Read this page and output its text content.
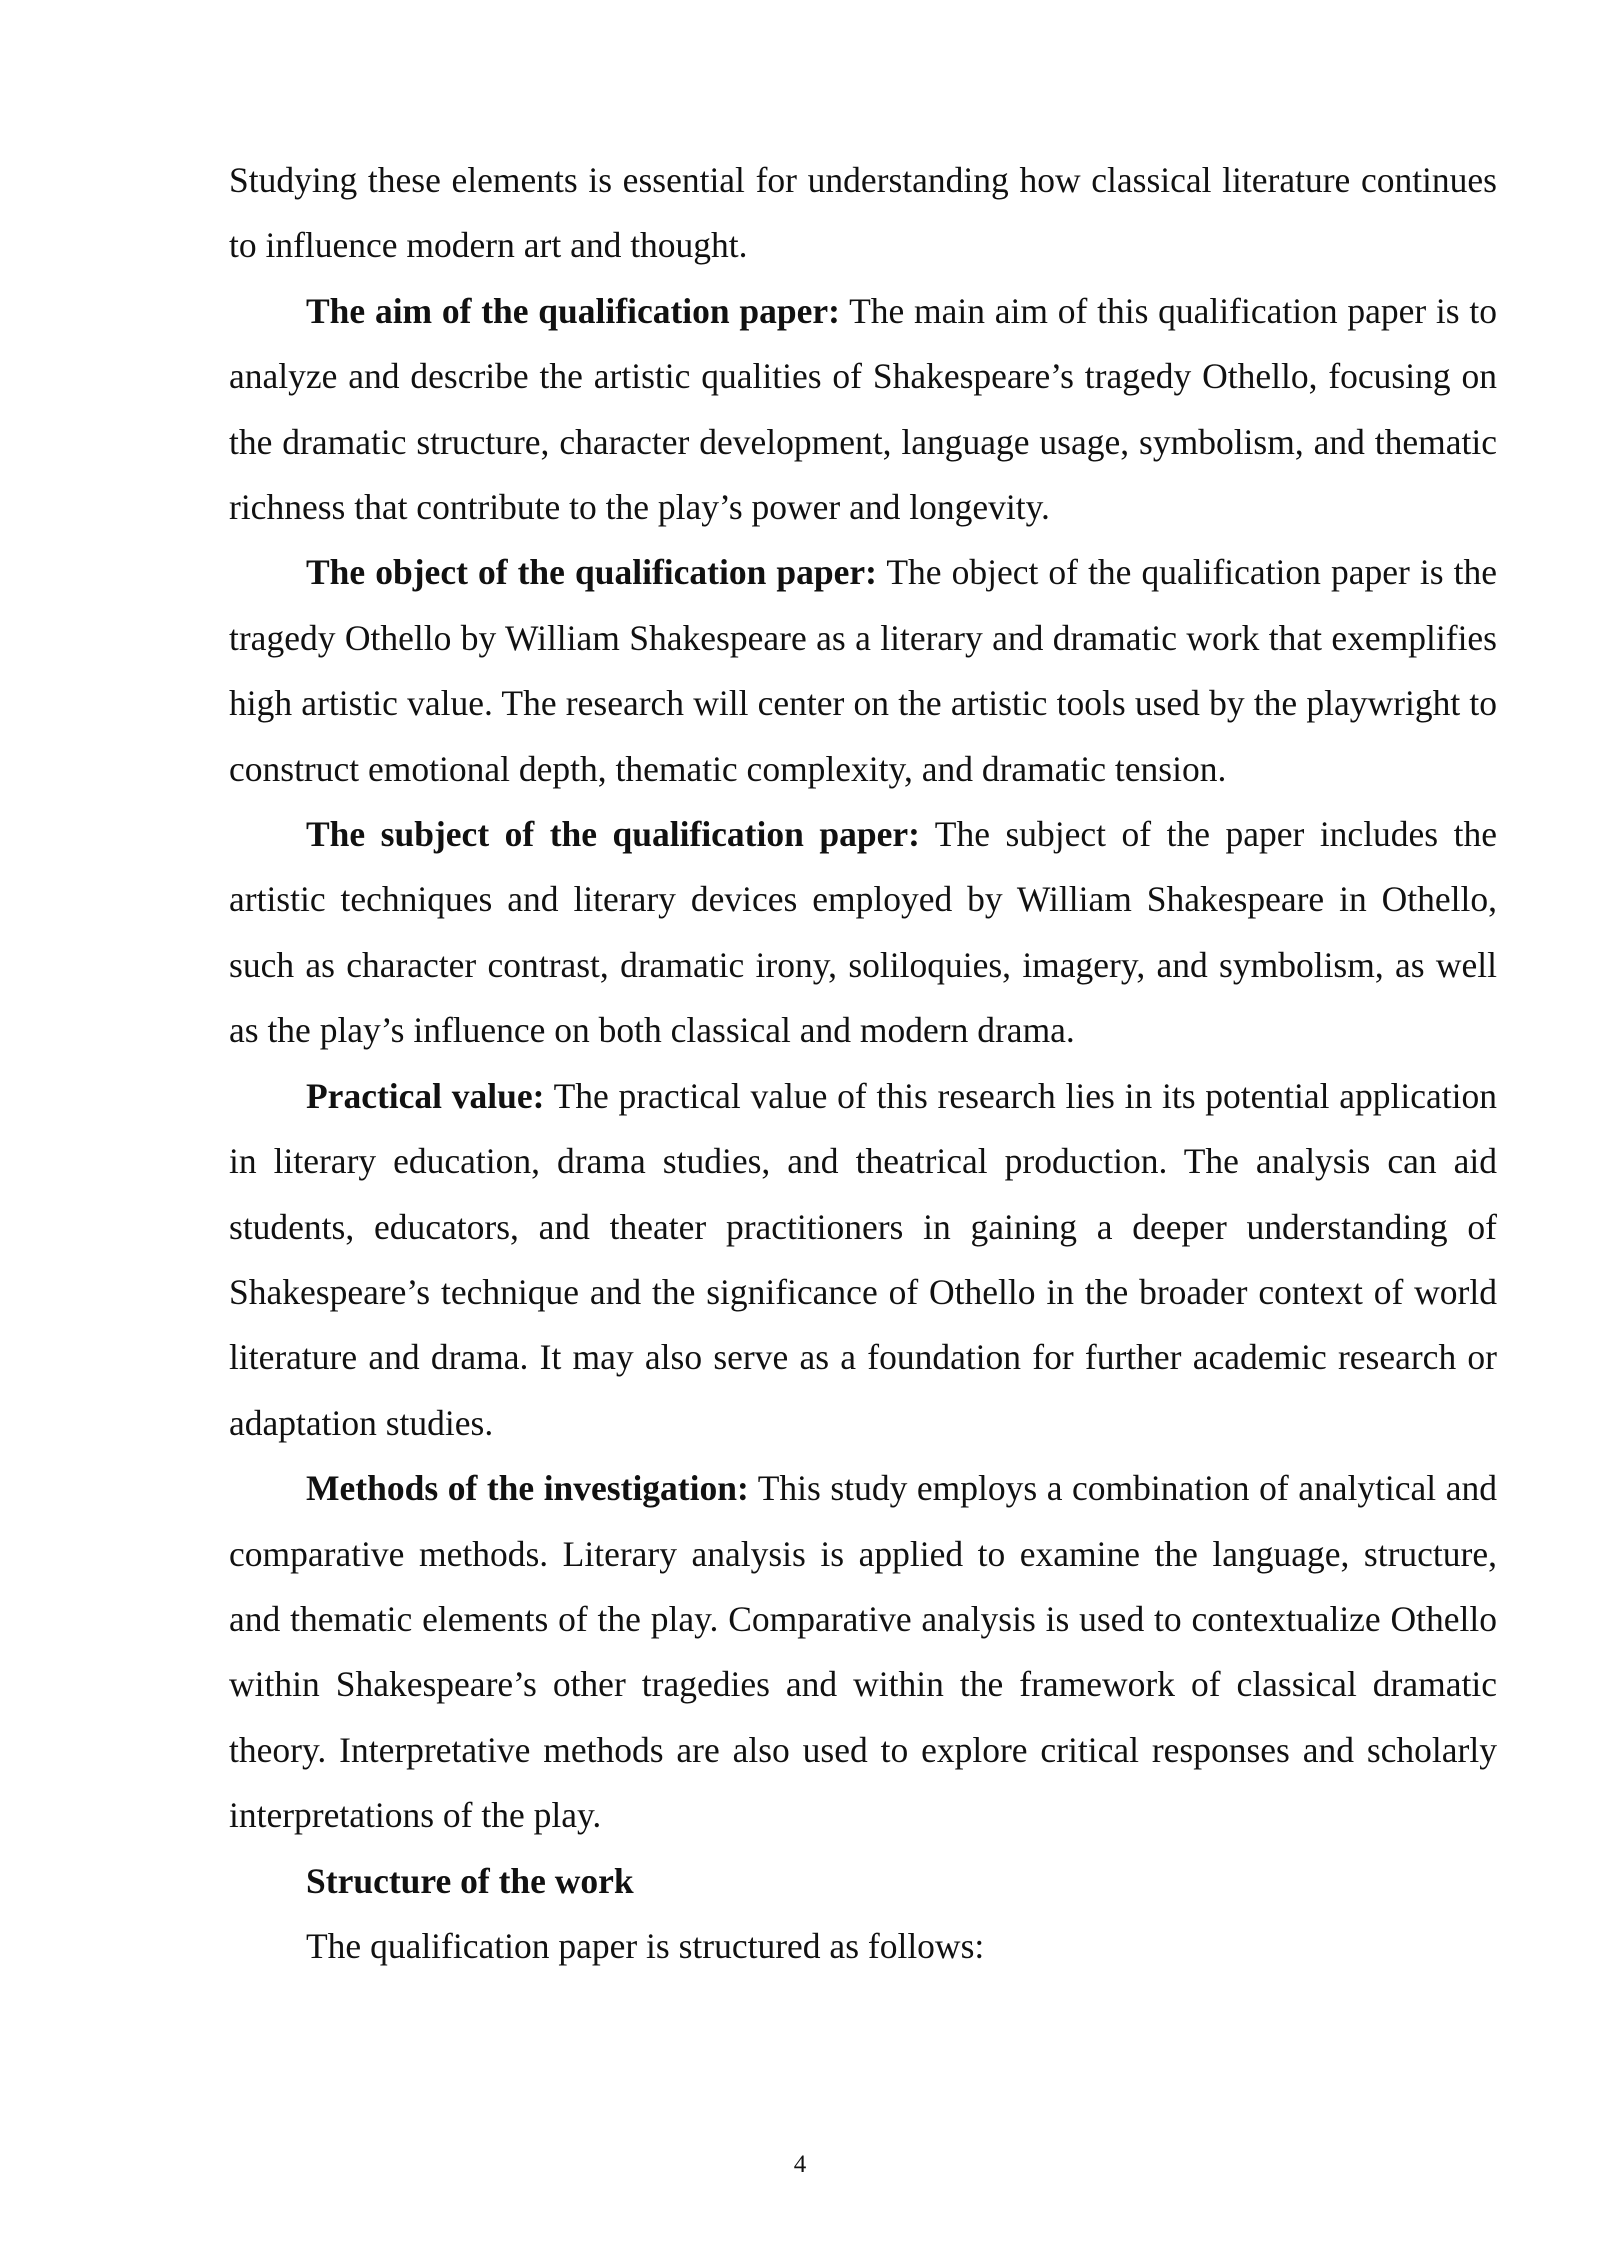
Studying these elements is essential for understanding how classical literature continues to influence modern art and thought.

The aim of the qualification paper: The main aim of this qualification paper is to analyze and describe the artistic qualities of Shakespeare’s tragedy Othello, focusing on the dramatic structure, character development, language usage, symbolism, and thematic richness that contribute to the play’s power and longevity.

The object of the qualification paper: The object of the qualification paper is the tragedy Othello by William Shakespeare as a literary and dramatic work that exemplifies high artistic value. The research will center on the artistic tools used by the playwright to construct emotional depth, thematic complexity, and dramatic tension.

The subject of the qualification paper: The subject of the paper includes the artistic techniques and literary devices employed by William Shakespeare in Othello, such as character contrast, dramatic irony, soliloquies, imagery, and symbolism, as well as the play’s influence on both classical and modern drama.

Practical value: The practical value of this research lies in its potential application in literary education, drama studies, and theatrical production. The analysis can aid students, educators, and theater practitioners in gaining a deeper understanding of Shakespeare’s technique and the significance of Othello in the broader context of world literature and drama. It may also serve as a foundation for further academic research or adaptation studies.

Methods of the investigation: This study employs a combination of analytical and comparative methods. Literary analysis is applied to examine the language, structure, and thematic elements of the play. Comparative analysis is used to contextualize Othello within Shakespeare’s other tragedies and within the framework of classical dramatic theory. Interpretative methods are also used to explore critical responses and scholarly interpretations of the play.

Structure of the work

The qualification paper is structured as follows:

4
